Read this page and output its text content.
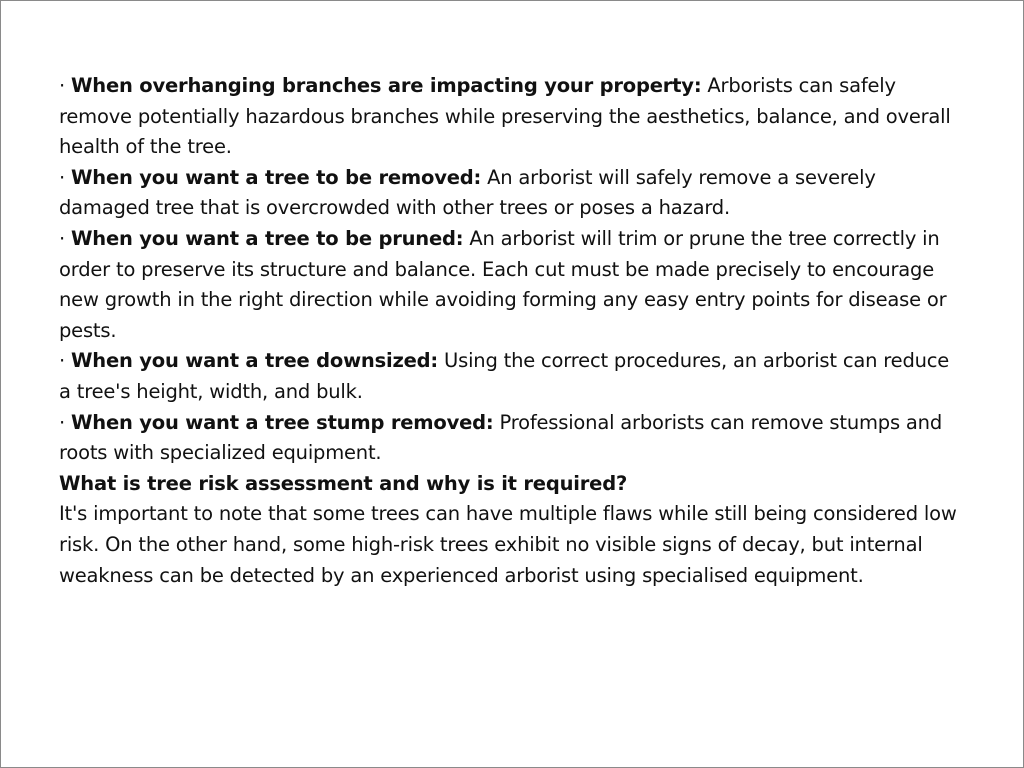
· When overhanging branches are impacting your property: Arborists can safely remove potentially hazardous branches while preserving the aesthetics, balance, and overall health of the tree.

· When you want a tree to be removed: An arborist will safely remove a severely damaged tree that is overcrowded with other trees or poses a hazard.

· When you want a tree to be pruned: An arborist will trim or prune the tree correctly in order to preserve its structure and balance. Each cut must be made precisely to encourage new growth in the right direction while avoiding forming any easy entry points for disease or pests.

· When you want a tree downsized: Using the correct procedures, an arborist can reduce a tree's height, width, and bulk.

· When you want a tree stump removed: Professional arborists can remove stumps and roots with specialized equipment.

What is tree risk assessment and why is it required?

It's important to note that some trees can have multiple flaws while still being considered low risk. On the other hand, some high-risk trees exhibit no visible signs of decay, but internal weakness can be detected by an experienced arborist using specialised equipment.
